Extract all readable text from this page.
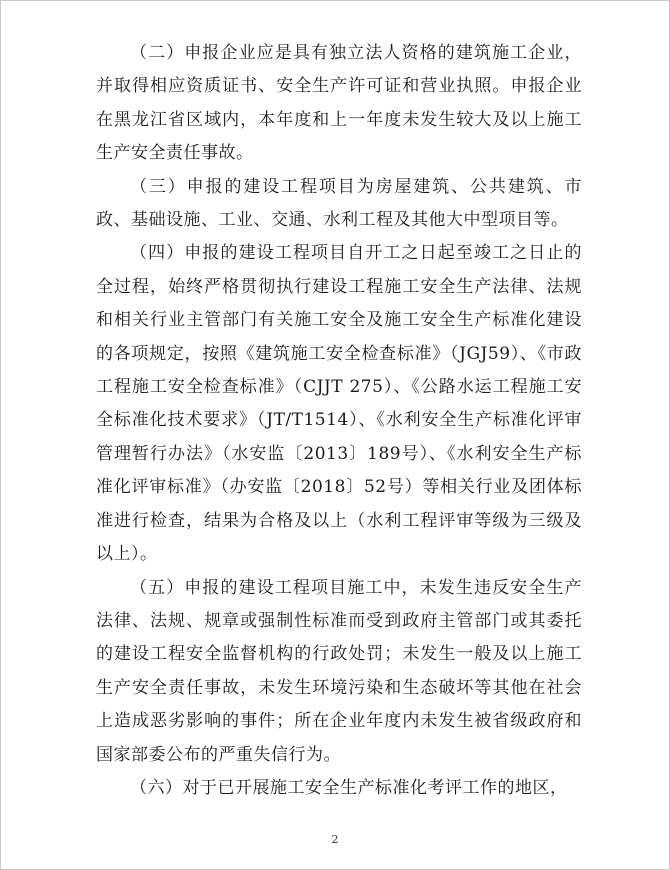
（二）申报企业应是具有独立法人资格的建筑施工企业，并取得相应资质证书、安全生产许可证和营业执照。申报企业在黑龙江省区域内，本年度和上一年度未发生较大及以上施工生产安全责任事故。

（三）申报的建设工程项目为房屋建筑、公共建筑、市政、基础设施、工业、交通、水利工程及其他大中型项目等。

（四）申报的建设工程项目自开工之日起至竣工之日止的全过程，始终严格贯彻执行建设工程施工安全生产法律、法规和相关行业主管部门有关施工安全及施工安全生产标准化建设的各项规定，按照《建筑施工安全检查标准》（JGJ59）、《市政工程施工安全检查标准》（CJJT 275）、《公路水运工程施工安全标准化技术要求》（JT/T1514）、《水利安全生产标准化评审管理暂行办法》（水安监〔2013〕189号）、《水利安全生产标准化评审标准》（办安监〔2018〕52号）等相关行业及团体标准进行检查，结果为合格及以上（水利工程评审等级为三级及以上）。

（五）申报的建设工程项目施工中，未发生违反安全生产法律、法规、规章或强制性标准而受到政府主管部门或其委托的建设工程安全监督机构的行政处罚；未发生一般及以上施工生产安全责任事故，未发生环境污染和生态破坏等其他在社会上造成恶劣影响的事件；所在企业年度内未发生被省级政府和国家部委公布的严重失信行为。

（六）对于已开展施工安全生产标准化考评工作的地区，

2
